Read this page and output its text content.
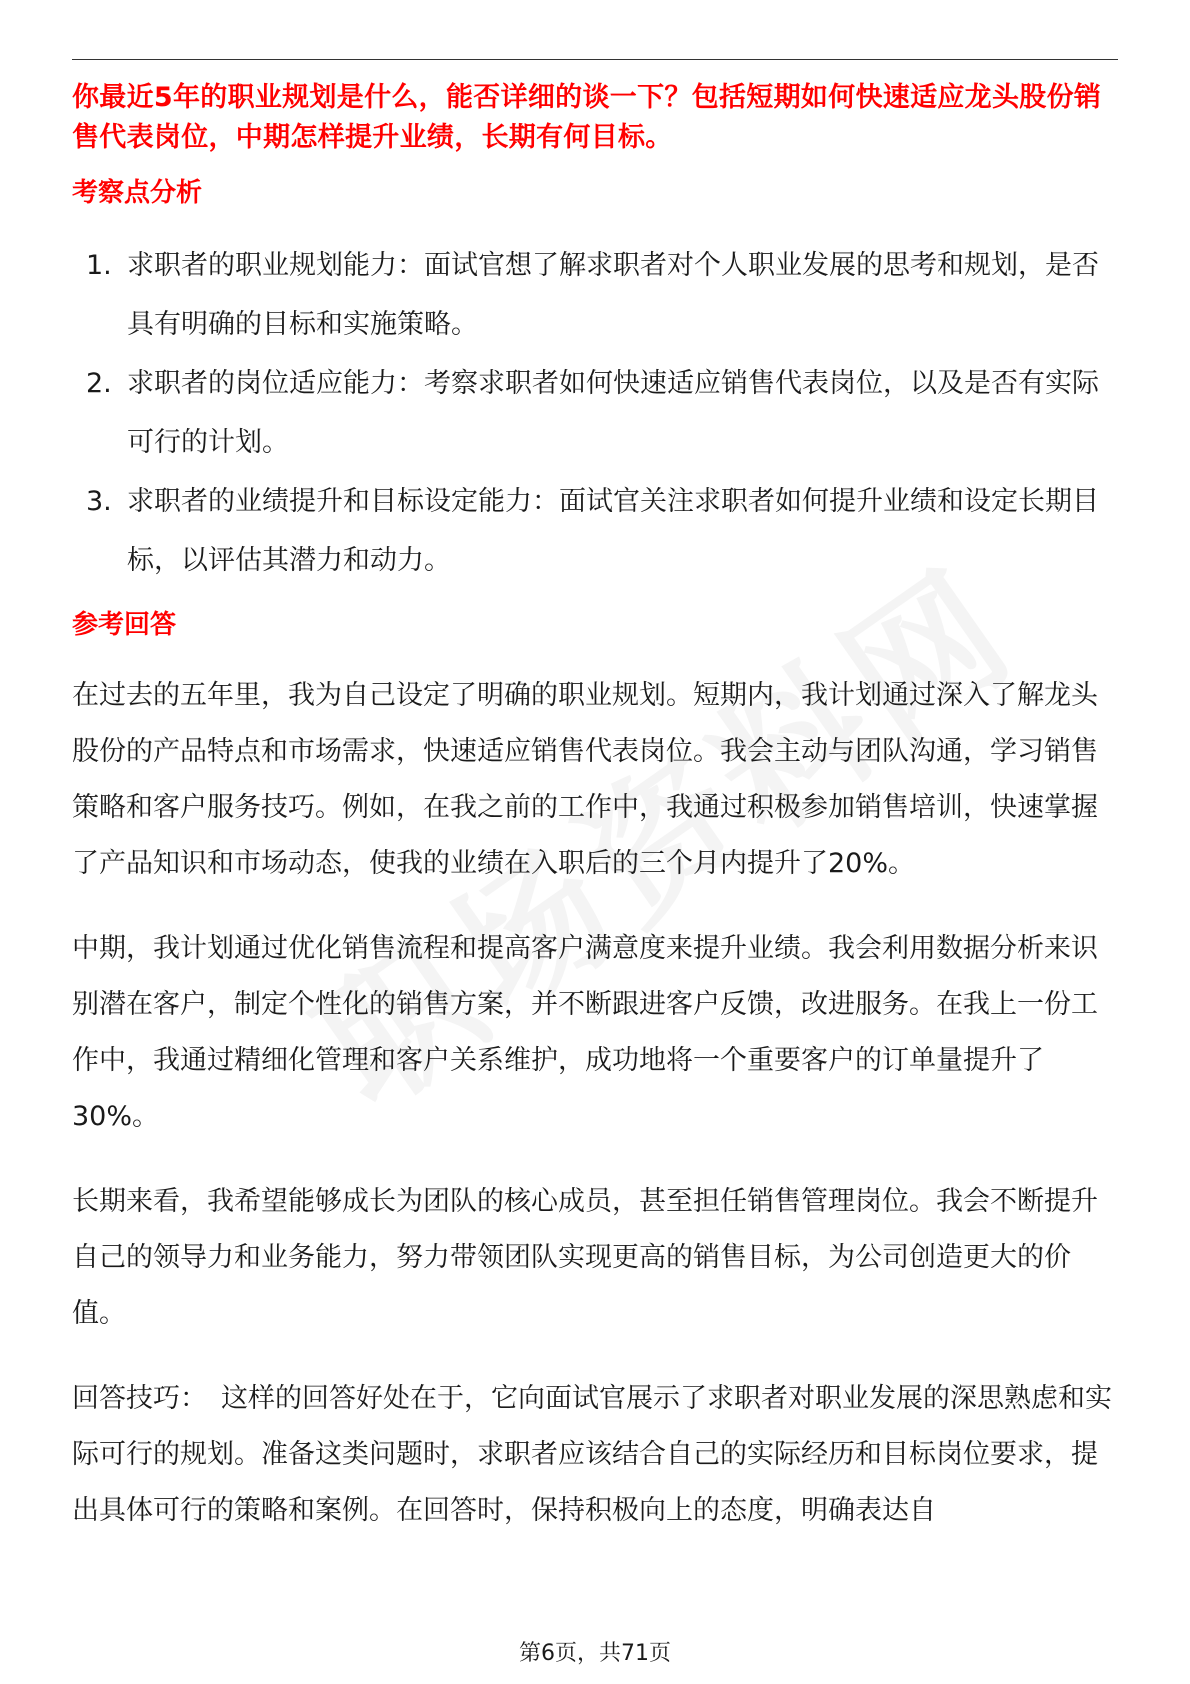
你最近5年的职业规划是什么，能否详细的谈一下？包括短期如何快速适应龙头股份销售代表岗位，中期怎样提升业绩，长期有何目标。

考察点分析
1. 求职者的职业规划能力：面试官想了解求职者对个人职业发展的思考和规划，是否具有明确的目标和实施策略。
2. 求职者的岗位适应能力：考察求职者如何快速适应销售代表岗位，以及是否有实际可行的计划。
3. 求职者的业绩提升和目标设定能力：面试官关注求职者如何提升业绩和设定长期目标，以评估其潜力和动力。
参考回答

在过去的五年里，我为自己设定了明确的职业规划。短期内，我计划通过深入了解龙头股份的产品特点和市场需求，快速适应销售代表岗位。我会主动与团队沟通，学习销售策略和客户服务技巧。例如，在我之前的工作中，我通过积极参加销售培训，快速掌握了产品知识和市场动态，使我的业绩在入职后的三个月内提升了20%。

中期，我计划通过优化销售流程和提高客户满意度来提升业绩。我会利用数据分析来识别潜在客户，制定个性化的销售方案，并不断跟进客户反馈，改进服务。在我上一份工作中，我通过精细化管理和客户关系维护，成功地将一个重要客户的订单量提升了30%。

长期来看，我希望能够成长为团队的核心成员，甚至担任销售管理岗位。我会不断提升自己的领导力和业务能力，努力带领团队实现更高的销售目标，为公司创造更大的价值。

回答技巧： 这样的回答好处在于，它向面试官展示了求职者对职业发展的深思熟虑和实际可行的规划。准备这类问题时，求职者应该结合自己的实际经历和目标岗位要求，提出具体可行的策略和案例。在回答时，保持积极向上的态度，明确表达自

第6页，共71页
